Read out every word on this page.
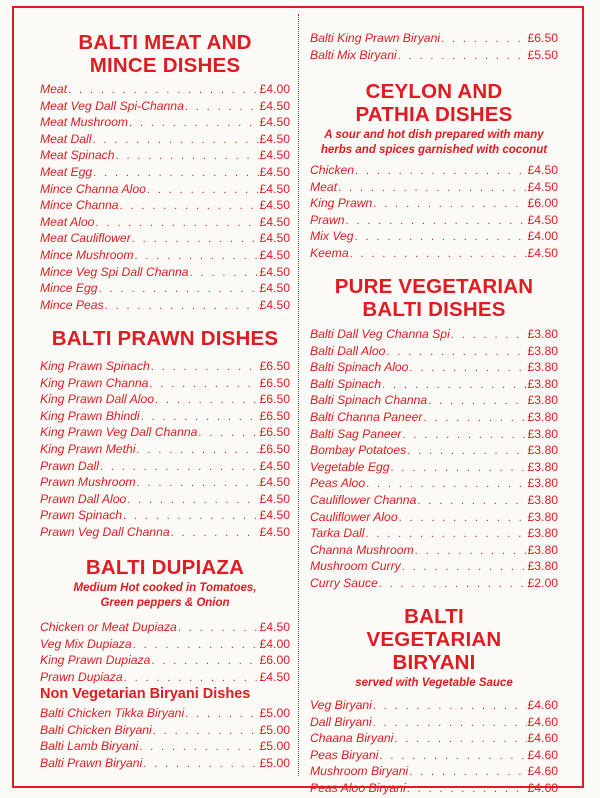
BALTI MEAT AND MINCE DISHES
Meat . . .	£4.00
Meat Veg Dall Spi-Channa . . .	£4.50
Meat Mushroom . . .	£4.50
Meat Dall . . .	£4.50
Meat Spinach . . .	£4.50
Meat Egg . . .	£4.50
Mince Channa Aloo . . .	£4.50
Mince Channa . . .	£4.50
Meat Aloo . . .	£4.50
Meat Cauliflower . . .	£4.50
Mince Mushroom . . .	£4.50
Mince Veg Spi Dall Channa . . .	£4.50
Mince Egg . . .	£4.50
Mince Peas . . .	£4.50
BALTI PRAWN DISHES
King Prawn Spinach . . .	£6.50
King Prawn Channa . . .	£6.50
King Prawn Dall Aloo . . .	£6.50
King Prawn Bhindi . . .	£6.50
King Prawn Veg Dall Channa . . .	£6.50
King Prawn Methi . . .	£6.50
Prawn Dall . . .	£4.50
Prawn Mushroom . . .	£4.50
Prawn Dall Aloo . . .	£4.50
Prawn Spinach . . .	£4.50
Prawn Veg Dall Channa . . .	£4.50
BALTI DUPIAZA
Medium Hot cooked in Tomatoes, Green peppers & Onion
Chicken or Meat Dupiaza . . .	£4.50
Veg Mix Dupiaza . . .	£4.00
King Prawn Dupiaza . . .	£6.00
Prawn Dupiaza . . .	£4.50
Non Vegetarian Biryani Dishes
Balti Chicken Tikka Biryani . . .	£5.00
Balti Chicken Biryani . . .	£5.00
Balti Lamb Biryani . . .	£5.00
Balti Prawn Biryani . . .	£5.00
Balti King Prawn Biryani . . .	£6.50
Balti Mix Biryani . . .	£5.50
CEYLON AND PATHIA DISHES
A sour and hot dish prepared with many herbs and spices garnished with coconut
Chicken . . .	£4.50
Meat . . .	£4.50
King Prawn . . .	£6.00
Prawn . . .	£4.50
Mix Veg . . .	£4.00
Keema . . .	£4.50
PURE VEGETARIAN BALTI DISHES
Balti Dall Veg Channa Spi . . .	£3.80
Balti Dall Aloo . . .	£3.80
Balti Spinach Aloo . . .	£3.80
Balti Spinach . . .	£3.80
Balti Spinach Channa . . .	£3.80
Balti Channa Paneer . . .	£3.80
Balti Sag Paneer . . .	£3.80
Bombay Potatoes . . .	£3.80
Vegetable Egg . . .	£3.80
Peas Aloo . . .	£3.80
Cauliflower Channa . . .	£3.80
Cauliflower Aloo . . .	£3.80
Tarka Dall . . .	£3.80
Channa Mushroom . . .	£3.80
Mushroom Curry . . .	£3.80
Curry Sauce . . .	£2.00
BALTI VEGETARIAN BIRYANI
served with Vegetable Sauce
Veg Biryani . . .	£4.60
Dall Biryani . . .	£4.60
Chaana Biryani . . .	£4.60
Peas Biryani . . .	£4.60
Mushroom Biryani . . .	£4.60
Peas Aloo Biryani . . .	£4.60
